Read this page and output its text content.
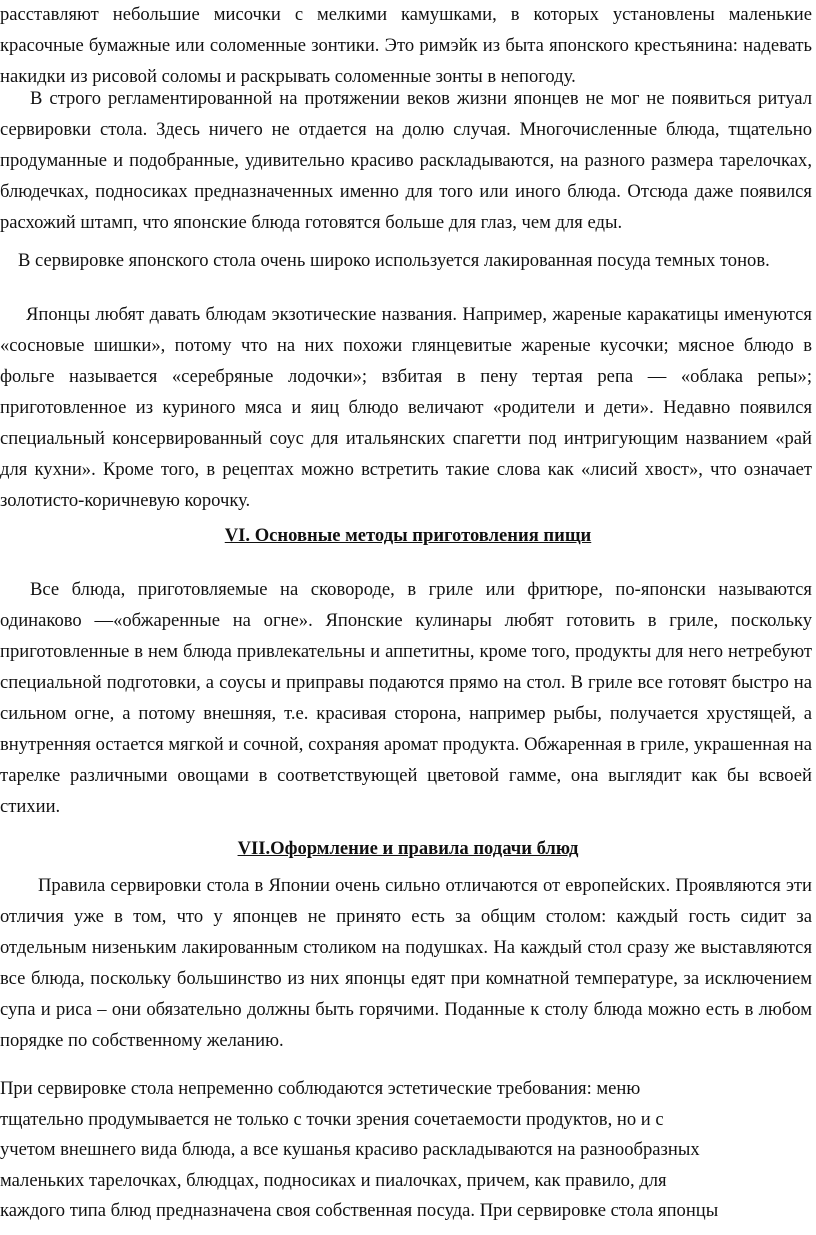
расставляют небольшие мисочки с мелкими камушками, в которых установлены маленькие красочные бумажные или соломенные зонтики. Это римэйк из быта японского крестьянина: надевать накидки из рисовой соломы и раскрывать соломенные зонты в непогоду.

В строго регламентированной на протяжении веков жизни японцев не мог не появиться ритуал сервировки стола. Здесь ничего не отдается на долю случая. Многочисленные блюда, тщательно продуманные и подобранные, удивительно красиво раскладываются, на разного размера тарелочках, блюдечках, подносиках предназначенных именно для того или иного блюда. Отсюда даже появился расхожий штамп, что японские блюда готовятся больше для глаз, чем для еды.

В сервировке японского стола очень широко используется лакированная посуда темных тонов.

Японцы любят давать блюдам экзотические названия. Например, жареные каракатицы именуются «сосновые шишки», потому что на них похожи глянцевитые жареные кусочки; мясное блюдо в фольге называется «серебряные лодочки»; взбитая в пену тертая репа — «облака репы»; приготовленное из куриного мяса и яиц блюдо величают «родители и дети». Недавно появился специальный консервированный соус для итальянских спагетти под интригующим названием «рай для кухни». Кроме того, в рецептах можно встретить такие слова как «лисий хвост», что означает золотисто-коричневую корочку.

VI. Основные методы приготовления пищи

Все блюда, приготовляемые на сковороде, в гриле или фритюре, по-японски называются одинаково —«обжаренные на огне». Японские кулинары любят готовить в гриле, поскольку приготовленные в нем блюда привлекательны и аппетитны, кроме того, продукты для него нетребуют специальной подготовки, а соусы и приправы подаются прямо на стол. В гриле все готовят быстро на сильном огне, а потому внешняя, т.е. красивая сторона, например рыбы, получается хрустящей, а внутренняя остается мягкой и сочной, сохраняя аромат продукта. Обжаренная в гриле, украшенная на тарелке различными овощами в соответствующей цветовой гамме, она выглядит как бы всвоей стихии.

VII.Оформление и правила подачи блюд

Правила сервировки стола в Японии очень сильно отличаются от европейских. Проявляются эти отличия уже в том, что у японцев не принято есть за общим столом: каждый гость сидит за отдельным низеньким лакированным столиком на подушках. На каждый стол сразу же выставляются все блюда, поскольку большинство из них японцы едят при комнатной температуре, за исключением супа и риса – они обязательно должны быть горячими. Поданные к столу блюда можно есть в любом порядке по собственному желанию.

При сервировке стола непременно соблюдаются эстетические требования: меню
тщательно продумывается не только с точки зрения сочетаемости продуктов, но и с
учетом внешнего вида блюда, а все кушанья красиво раскладываются на разнообразных
маленьких тарелочках, блюдцах, подносиках и пиалочках, причем, как правило, для
каждого типа блюд предназначена своя собственная посуда. При сервировке стола японцы
